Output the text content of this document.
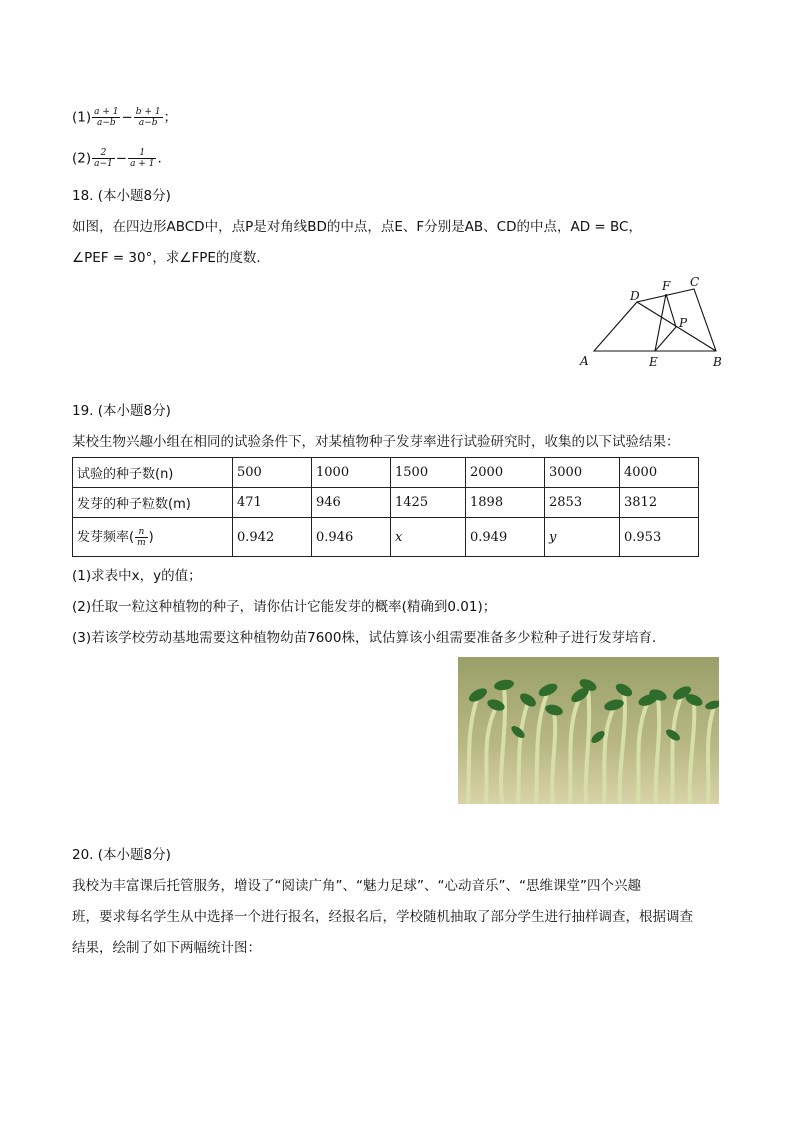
$(1) \frac{a + 1}{a-b} - \frac{b + 1}{a-b}$ ；
$(2) \frac{2}{a-1} - \frac{1}{a + 1}$ .
18. (本小题8分)
如图，在四边形ABCD中，点P是对角线BD的中点，点E、F分别是AB、CD的中点，AD = BC，
∠PEF = 30°，求∠FPE的度数．
A	B
C
D
E
F
P
19. (本小题8分)
某校生物兴趣小组在相同的试验条件下，对某植物种子发芽率进行试验研究时，收集的以下试验结果：
试验的种子数(n)	500	1000	1500	2000	3000	4000
发芽的种子粒数(m)	471	946	1425	1898	2853	3812
发芽频率( $\frac{n}{m}$ )	0.942	0.946	x	0.949	y	0.953
(1)求表中x，y的值；
(2)任取一粒这种植物的种子，请你估计它能发芽的概率(精确到0.01)；
(3)若该学校劳动基地需要这种植物幼苗7600株，试估算该小组需要准备多少粒种子进行发芽培育．
20. (本小题8分)
我校为丰富课后托管服务，增设了“阅读广角”、“魅力足球”、“心动音乐”、“思维课堂”四个兴趣
班，要求每名学生从中选择一个进行报名，经报名后，学校随机抽取了部分学生进行抽样调查，根据调查
结果，绘制了如下两幅统计图：
